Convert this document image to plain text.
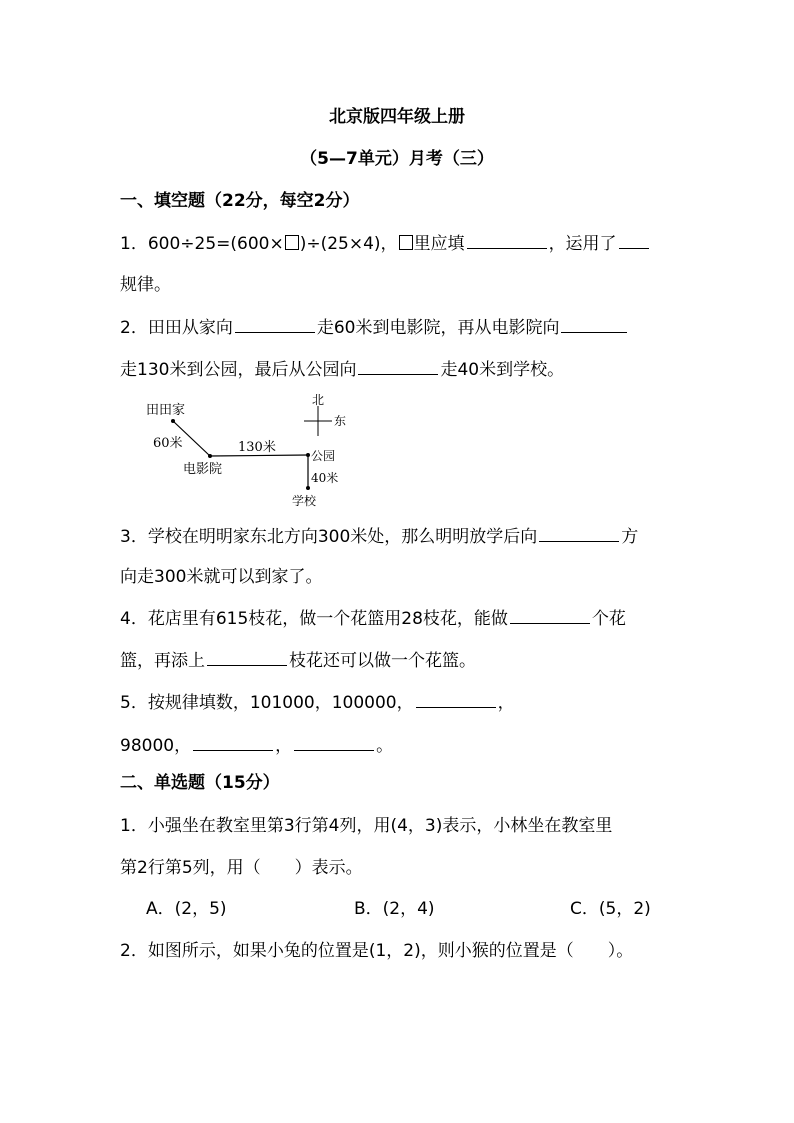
北京版四年级上册
（5—7单元）月考（三）
一、填空题（22分，每空2分）
1．600÷25=(600× )÷(25×4)， 里应填	，运用了
规律。
2．田田从家向	走60米到电影院，再从电影院向
走130米到公园，最后从公园向	走40米到学校。
田田家
60米
电影院
130米
公园
40米
学校
北
东
3．学校在明明家东北方向300米处，那么明明放学后向	方
向走300米就可以到家了。
4．花店里有615枝花，做一个花篮用28枝花，能做	个花
篮，再添上	枝花还可以做一个花篮。
5．按规律填数，101000，100000，	，
98000，	，	。
二、单选题（15分）
1．小强坐在教室里第3行第4列，用(4，3)表示，小林坐在教室里
第2行第5列，用（　　）表示。
A．(2，5)	B．(2，4)	C．(5，2)
2．如图所示，如果小兔的位置是(1，2)，则小猴的位置是（　　）。
